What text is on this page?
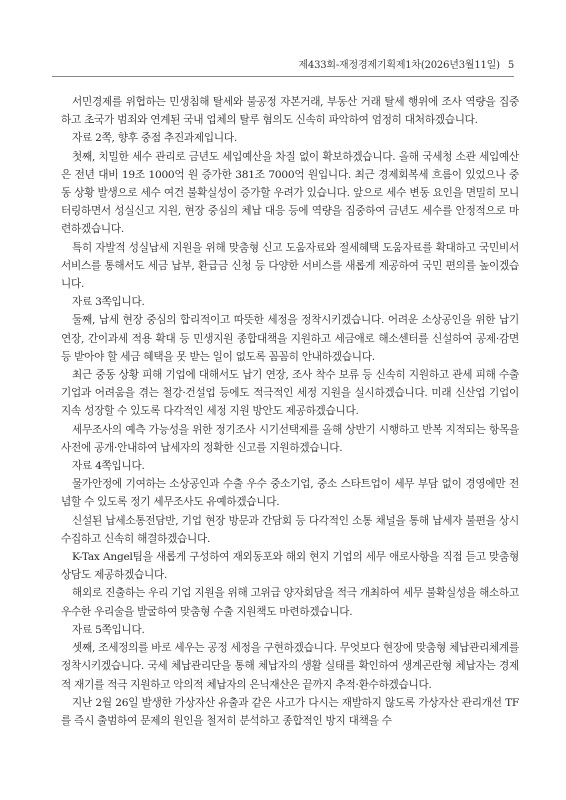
제433회-재정경제기획제1차(2026년3월11일) 5

서민경제를 위협하는 민생침해 탈세와 불공정 자본거래, 부동산 거래 탈세 행위에 조사 역량을 집중하고 초국가 범죄와 연계된 국내 업체의 탈루 혐의도 신속히 파악하여 엄정히 대처하겠습니다.

자료 2쪽, 향후 중점 추진과제입니다.

첫째, 치밀한 세수 관리로 금년도 세입예산을 차질 없이 확보하겠습니다. 올해 국세청 소관 세입예산은 전년 대비 19조 1000억 원 증가한 381조 7000억 원입니다. 최근 경제회복세 흐름이 있었으나 중동 상황 발생으로 세수 여건 불확실성이 증가할 우려가 있습니다. 앞으로 세수 변동 요인을 면밀히 모니터링하면서 성실신고 지원, 현장 중심의 체납 대응 등에 역량을 집중하여 금년도 세수를 안정적으로 마련하겠습니다.

특히 자발적 성실납세 지원을 위해 맞춤형 신고 도움자료와 절세혜택 도움자료를 확대하고 국민비서 서비스를 통해서도 세금 납부, 환급금 신청 등 다양한 서비스를 새롭게 제공하여 국민 편의를 높이겠습니다.

자료 3쪽입니다.

둘째, 납세 현장 중심의 합리적이고 따뜻한 세정을 정착시키겠습니다. 어려운 소상공인을 위한 납기 연장, 간이과세 적용 확대 등 민생지원 종합대책을 지원하고 세금애로 해소센터를 신설하여 공제·감면 등 받아야 할 세금 혜택을 못 받는 일이 없도록 꼼꼼히 안내하겠습니다.

최근 중동 상황 피해 기업에 대해서도 납기 연장, 조사 착수 보류 등 신속히 지원하고 관세 피해 수출기업과 어려움을 겪는 철강·건설업 등에도 적극적인 세정 지원을 실시하겠습니다. 미래 신산업 기업이 지속 성장할 수 있도록 다각적인 세정 지원 방안도 제공하겠습니다.

세무조사의 예측 가능성을 위한 정기조사 시기선택제를 올해 상반기 시행하고 반복 지적되는 항목을 사전에 공개·안내하여 납세자의 정확한 신고를 지원하겠습니다.

자료 4쪽입니다.

물가안정에 기여하는 소상공인과 수출 우수 중소기업, 중소 스타트업이 세무 부담 없이 경영에만 전념할 수 있도록 정기 세무조사도 유예하겠습니다.

신설된 납세소통전담반, 기업 현장 방문과 간담회 등 다각적인 소통 채널을 통해 납세자 불편을 상시 수집하고 신속히 해결하겠습니다.

K-Tax Angel팀을 새롭게 구성하여 재외동포와 해외 현지 기업의 세무 애로사항을 직접 듣고 맞춤형 상담도 제공하겠습니다.

해외로 진출하는 우리 기업 지원을 위해 고위급 양자회담을 적극 개최하여 세무 불확실성을 해소하고 우수한 우리술을 발굴하여 맞춤형 수출 지원책도 마련하겠습니다.

자료 5쪽입니다.

셋째, 조세정의를 바로 세우는 공정 세정을 구현하겠습니다. 무엇보다 현장에 맞춤형 체납관리체계를 정착시키겠습니다. 국세 체납관리단을 통해 체납자의 생활 실태를 확인하여 생계곤란형 체납자는 경제적 재기를 적극 지원하고 악의적 체납자의 은닉재산은 끝까지 추적·환수하겠습니다.

지난 2월 26일 발생한 가상자산 유출과 같은 사고가 다시는 재발하지 않도록 가상자산 관리개선 TF를 즉시 출범하여 문제의 원인을 철저히 분석하고 종합적인 방지 대책을 수
